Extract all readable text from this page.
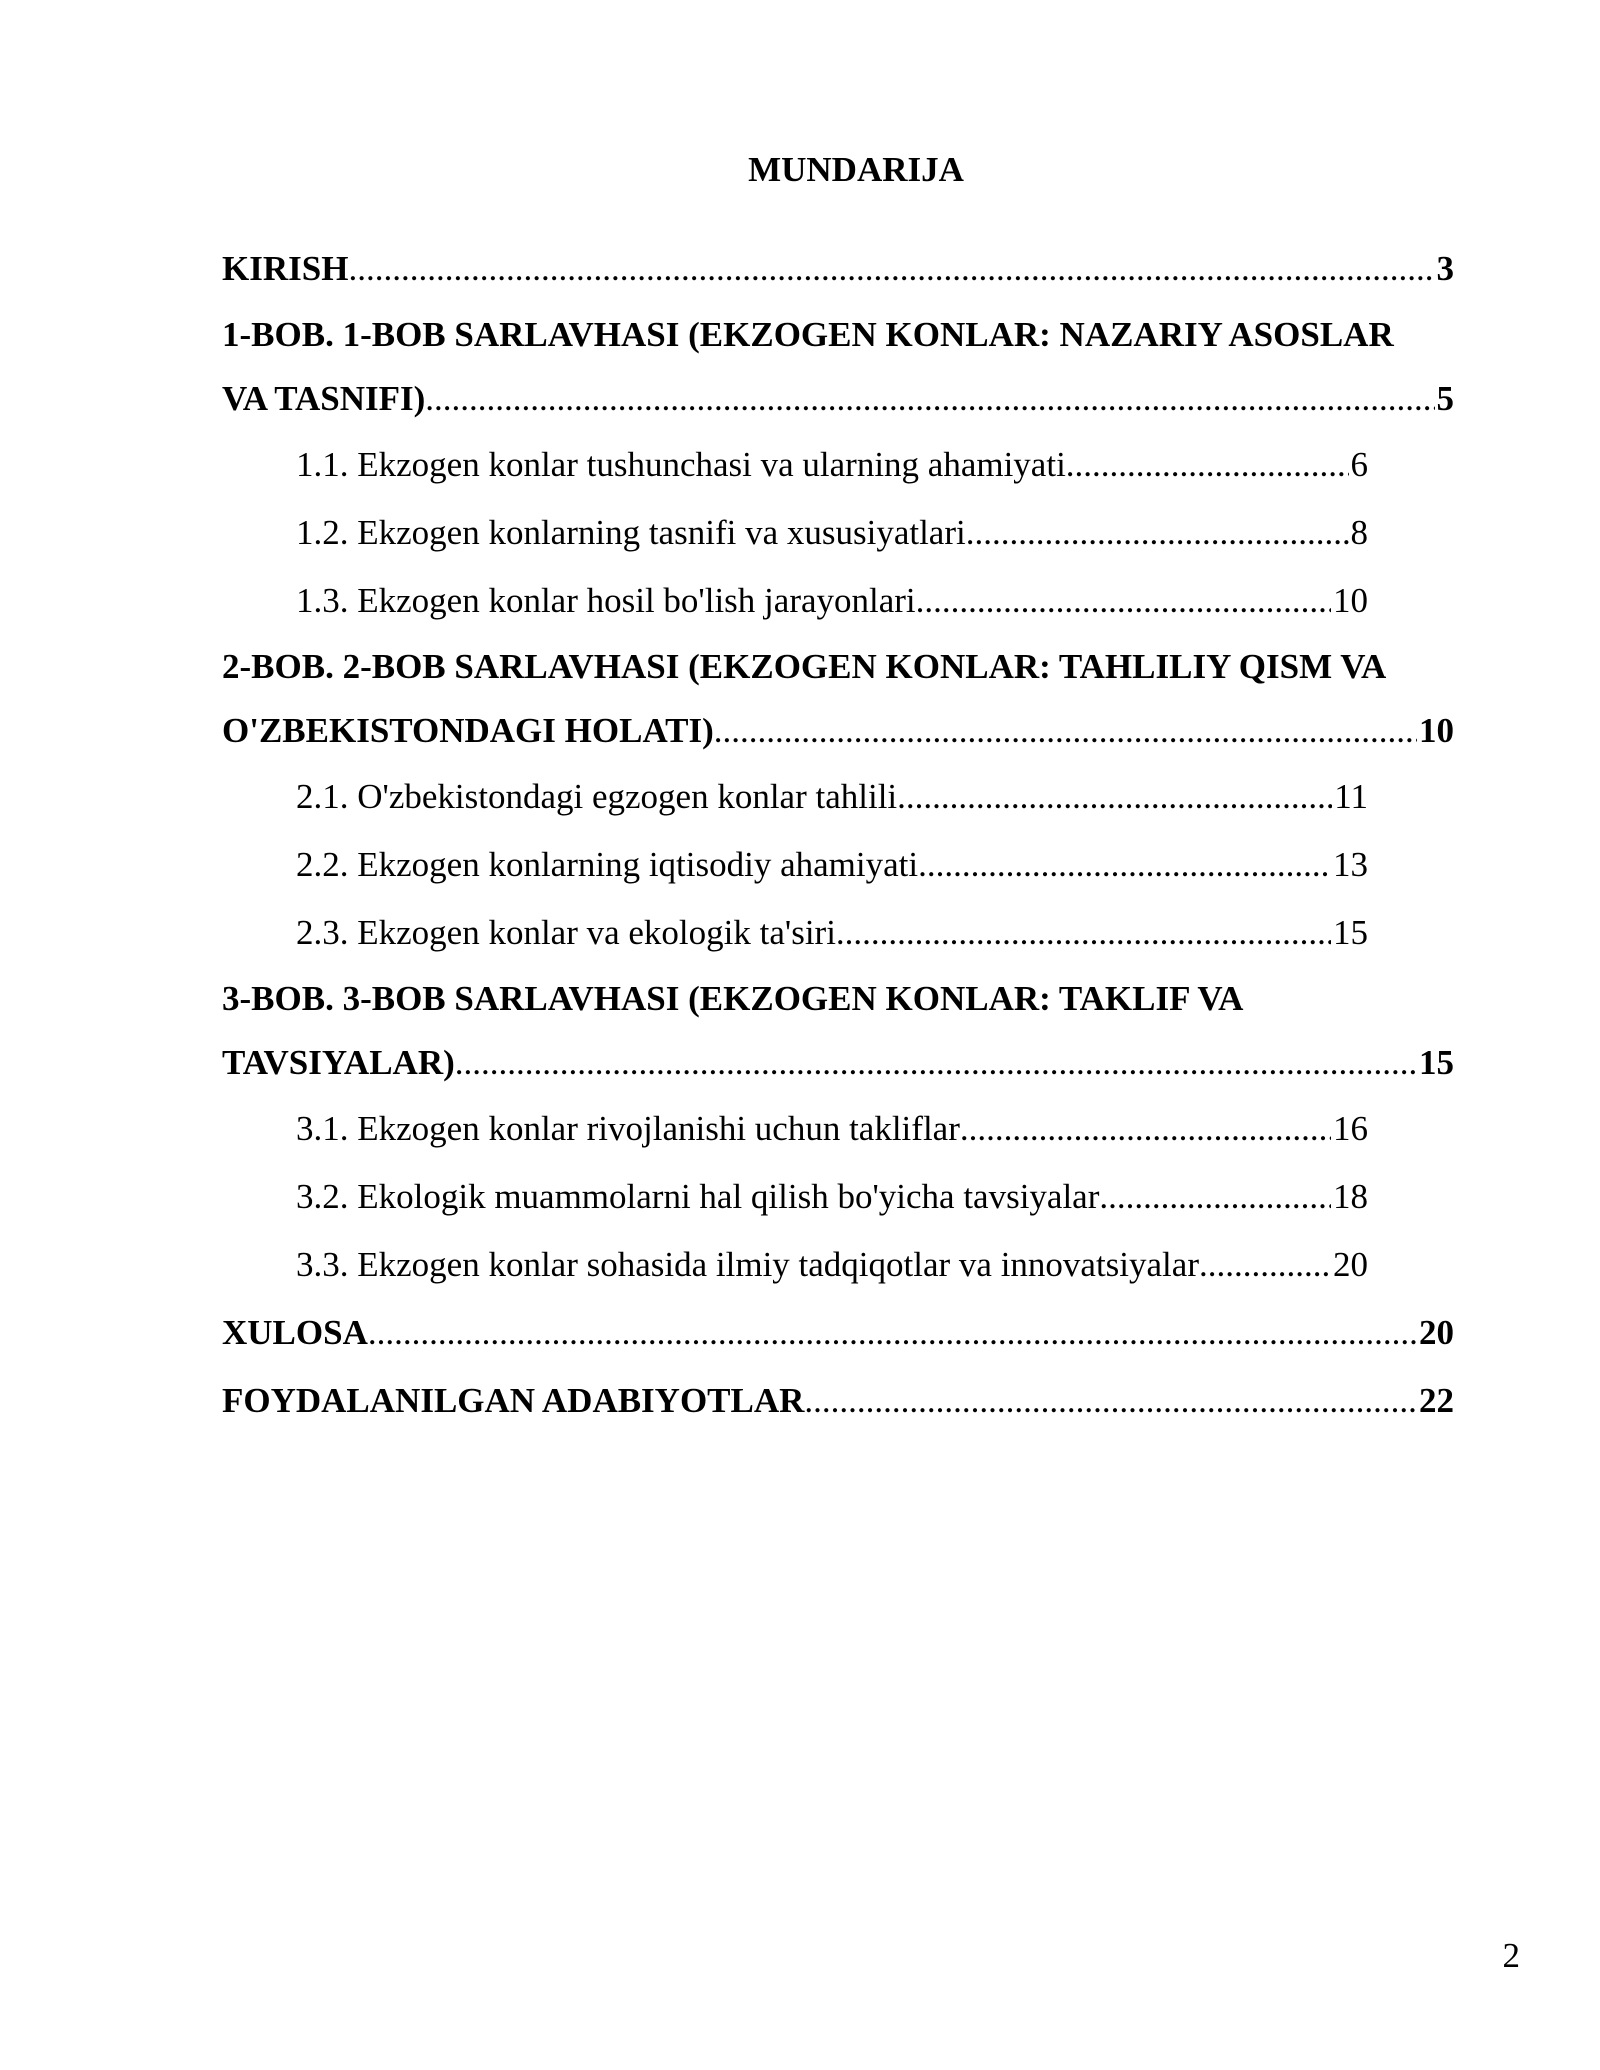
MUNDARIJA
KIRISH .....	3
1-BOB. 1-BOB SARLAVHASI (EKZOGEN KONLAR: NAZARIY ASOSLAR
VA TASNIFI) .....	5
1.1. Ekzogen konlar tushunchasi va ularning ahamiyati .....	6
1.2. Ekzogen konlarning tasnifi va xususiyatlari .....	8
1.3. Ekzogen konlar hosil bo'lish jarayonlari .....	10
2-BOB. 2-BOB SARLAVHASI (EKZOGEN KONLAR: TAHLILIY QISM VA
O'ZBEKISTONDAGI HOLATI) .....	10
2.1. O'zbekistondagi egzogen konlar tahlili .....	11
2.2. Ekzogen konlarning iqtisodiy ahamiyati .....	13
2.3. Ekzogen konlar va ekologik ta'siri .....	15
3-BOB. 3-BOB SARLAVHASI (EKZOGEN KONLAR: TAKLIF VA
TAVSIYALAR) .....	15
3.1. Ekzogen konlar rivojlanishi uchun takliflar .....	16
3.2. Ekologik muammolarni hal qilish bo'yicha tavsiyalar .....	18
3.3. Ekzogen konlar sohasida ilmiy tadqiqotlar va innovatsiyalar .....	20
XULOSA .....	20
FOYDALANILGAN ADABIYOTLAR .....	22
2
